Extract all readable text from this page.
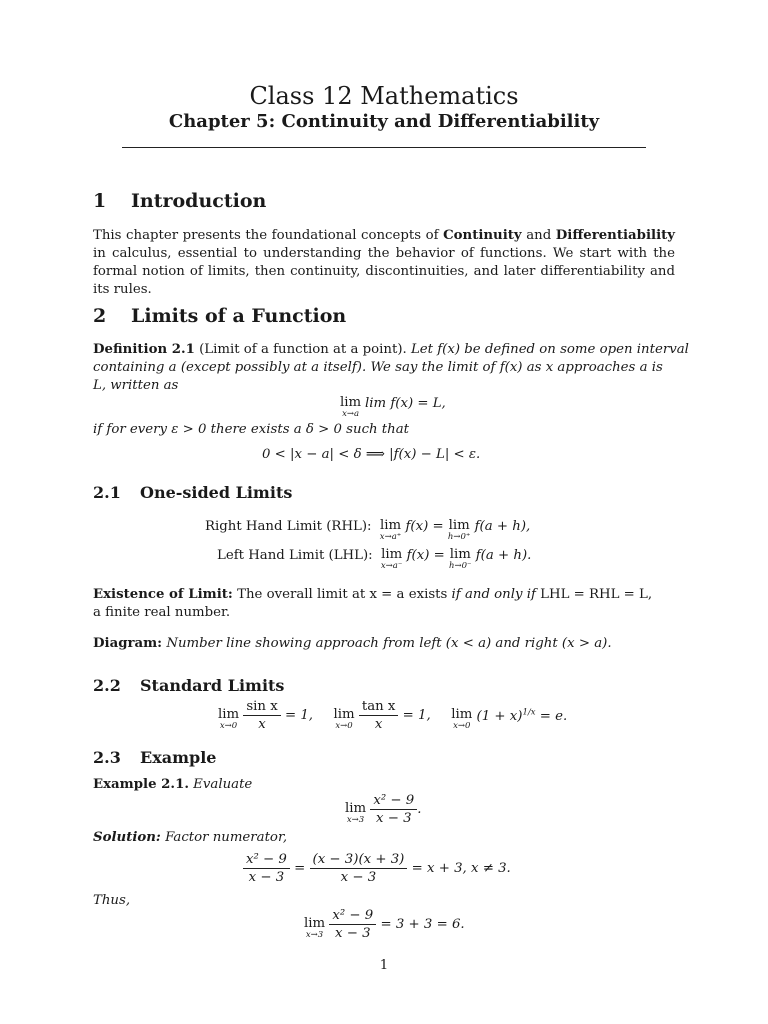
Class 12 Mathematics
Chapter 5: Continuity and Differentiability
1 Introduction
This chapter presents the foundational concepts of Continuity and Differentiability in calculus, essential to understanding the behavior of functions. We start with the formal notion of limits, then continuity, discontinuities, and later differentiability and its rules.
2 Limits of a Function
Definition 2.1 (Limit of a function at a point). Let f(x) be defined on some open interval
containing a (except possibly at a itself). We say the limit of f(x) as x approaches a is
L, written as
lim
x→a
lim f(x) = L,
if for every ε > 0 there exists a δ > 0 such that
0 < |x − a| < δ ⟹ |f(x) − L| < ε.
2.1 One-sided Limits
Right Hand Limit (RHL): lim
x→a⁺
f(x) = lim
h→0⁺
f(a + h),
Left Hand Limit (LHL): lim
x→a⁻
f(x) = lim
h→0⁻
f(a + h).
Existence of Limit: The overall limit at x = a exists if and only if LHL = RHL = L,
a finite real number.
Diagram: Number line showing approach from left (x < a) and right (x > a).
2.2 Standard Limits
lim
x→0
$\frac{\text{sin x}}{x} = 1$, lim
x→0
$\frac{\text{tan x}}{x} = 1$, lim
x→0
$(1 + x)^{1/x} = e$.
2.3 Example
Example 2.1. Evaluate
lim
x→3
$\frac{\text{x² − 9}}{x - 3}$ .
Solution: Factor numerator,
$\frac{\text{x² − 9}}{x - 3} = \frac{(x - 3)(x + 3)}{x - 3} = x + 3$, x ≠ 3.
Thus,
lim
x→3
$\frac{\text{x² − 9}}{x - 3} = 3 + 3 = 6$.
1
